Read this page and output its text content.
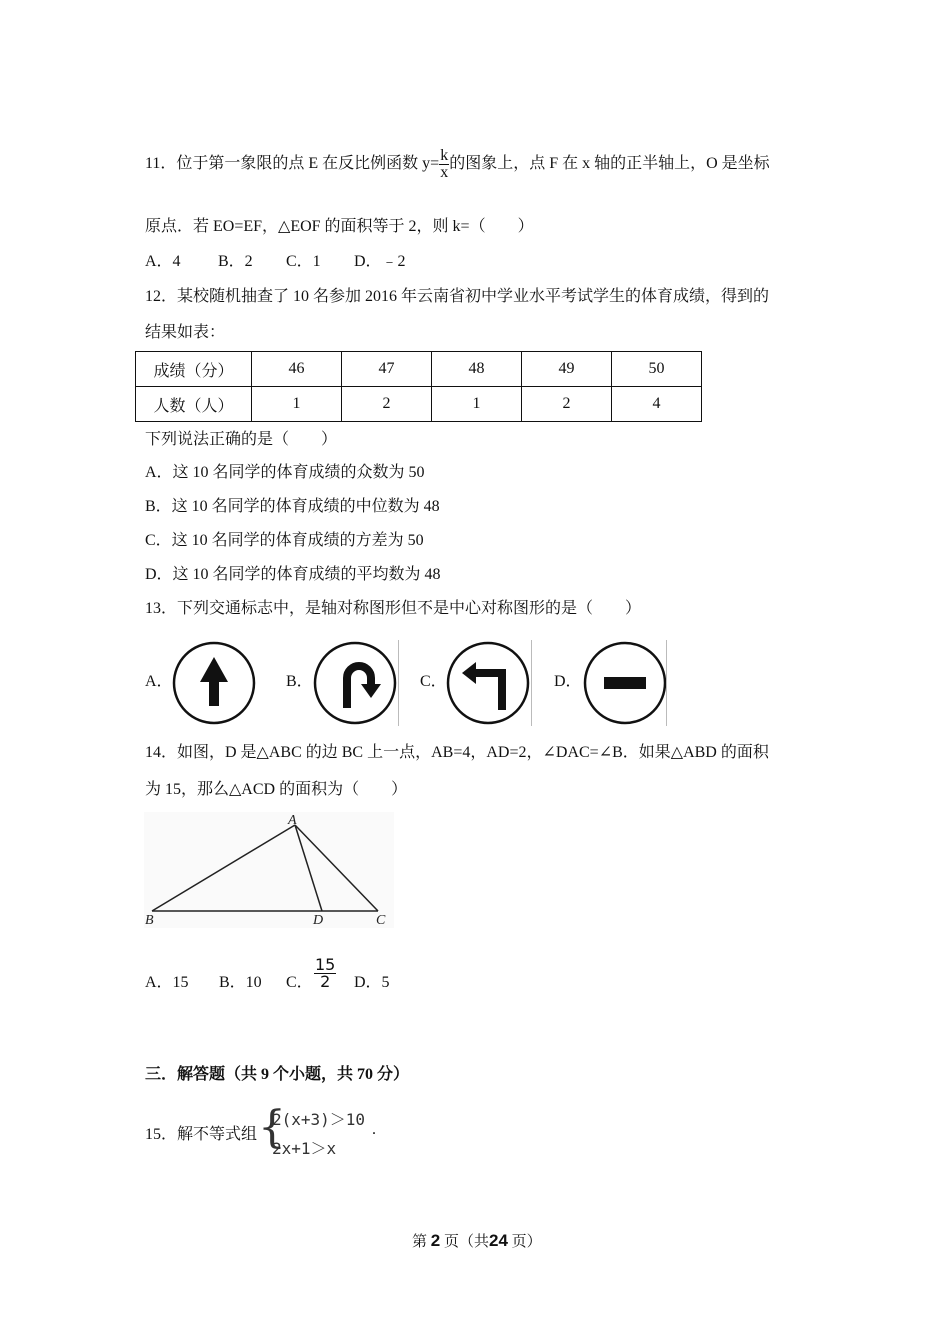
11．位于第一象限的点 E 在反比例函数 $y= \frac{k}{x}$ 的图象上，点 F 在 x 轴的正半轴上，O 是坐标
原点．若 EO=EF，△EOF 的面积等于 2，则 k=（　　）
A．4 B．2 C．1 D．﹣2
12．某校随机抽查了 10 名参加 2016 年云南省初中学业水平考试学生的体育成绩，得到的
结果如表：
成绩（分）	46	47	48	49	50
人数（人）	1	2	1	2	4
下列说法正确的是（　　）
A．这 10 名同学的体育成绩的众数为 50
B．这 10 名同学的体育成绩的中位数为 48
C．这 10 名同学的体育成绩的方差为 50
D．这 10 名同学的体育成绩的平均数为 48
13．下列交通标志中，是轴对称图形但不是中心对称图形的是（　　）
A．	B．	C．	D．
14．如图，D 是△ABC 的边 BC 上一点，AB=4，AD=2，∠DAC=∠B．如果△ABD 的面积
为 15，那么△ACD 的面积为（　　）
A
B	D	C
A．15 B．10 C． $\frac{15}{2}$ D．5
三．解答题（共 9 个小题，共 70 分）
15．解不等式组 {
2(x+3)＞10
2x+1＞x
.
第 2 页（共24 页）
